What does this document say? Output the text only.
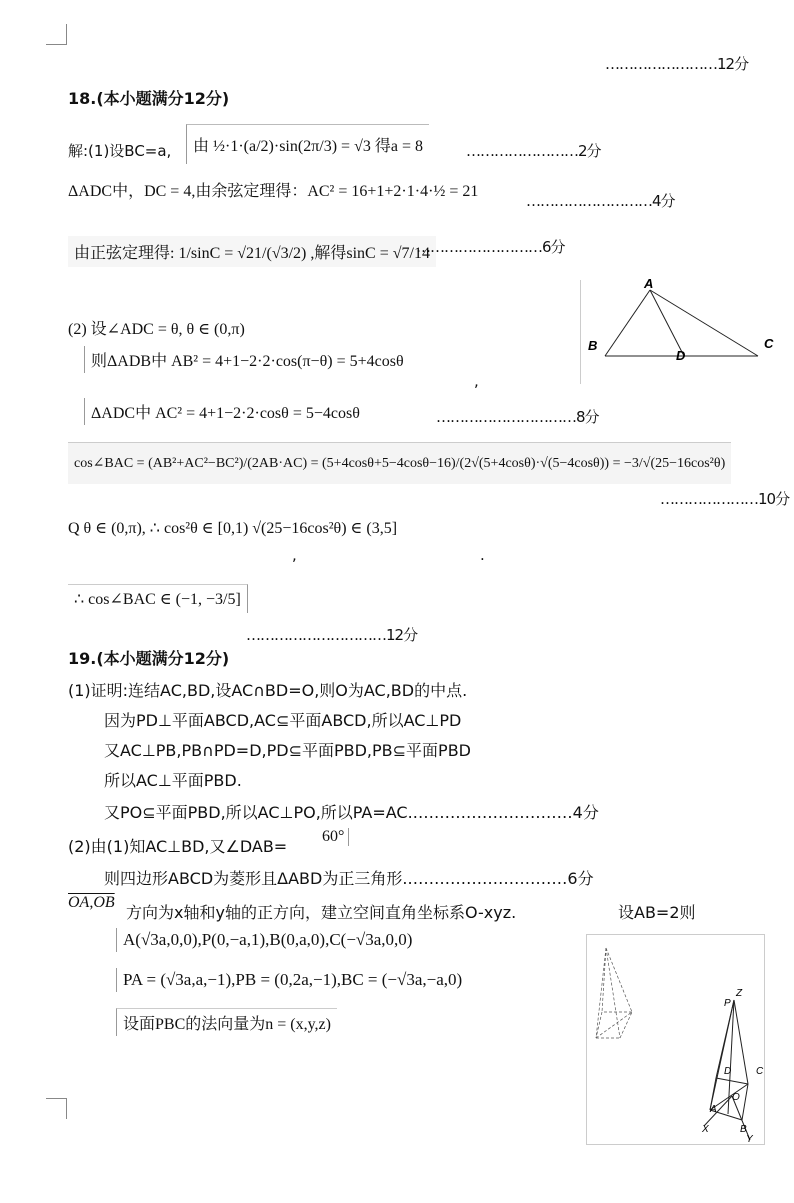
……………………12分
18.(本小题满分12分)
解:(1)设BC=a,	由 ½·1·(a/2)·sin(2π/3) = √3 得a = 8	……………………2分
ΔADC中，DC = 4,由余弦定理得：AC² = 16+1+2·1·4·½ = 21
………………………4分
由正弦定理得: 1/sinC = √21/(√3/2) ,解得sinC = √7/14
………………………6分
(2) 设∠ADC = θ, θ ∈ (0,π)
则ΔADB中 AB² = 4+1−2·2·cos(π−θ) = 5+4cosθ
,
ΔADC中 AC² = 4+1−2·2·cosθ = 5−4cosθ	…………………………8分
cos∠BAC = (AB²+AC²−BC²)/(2AB·AC) = (5+4cosθ+5−4cosθ−16)/(2√(5+4cosθ)·√(5−4cosθ)) = −3/√(25−16cos²θ)
…………………10分
Q θ ∈ (0,π), ∴ cos²θ ∈ [0,1) √(25−16cos²θ) ∈ (3,5]
,	.
∴ cos∠BAC ∈ (−1, −3/5]
…………………………12分
A
B
D
C
19.(本小题满分12分)
(1)证明:连结AC,BD,设AC∩BD=O,则O为AC,BD的中点.
因为PD⊥平面ABCD,AC⊆平面ABCD,所以AC⊥PD
又AC⊥PB,PB∩PD=D,PD⊆平面PBD,PB⊆平面PBD
所以AC⊥平面PBD.
又PO⊆平面PBD,所以AC⊥PO,所以PA=AC.…………………………4分
(2)由(1)知AC⊥BD,又∠DAB=
60°
则四边形ABCD为菱形且ΔABD为正三角形.…………………………6分
OA,OB
方向为x轴和y轴的正方向，建立空间直角坐标系O-xyz.	设AB=2则
A(√3a,0,0),P(0,−a,1),B(0,a,0),C(−√3a,0,0)
PA = (√3a,a,−1),PB = (0,2a,−1),BC = (−√3a,−a,0)
设面PBC的法向量为n = (x,y,z)
P
Z
D C
O
A
B
X
Y
